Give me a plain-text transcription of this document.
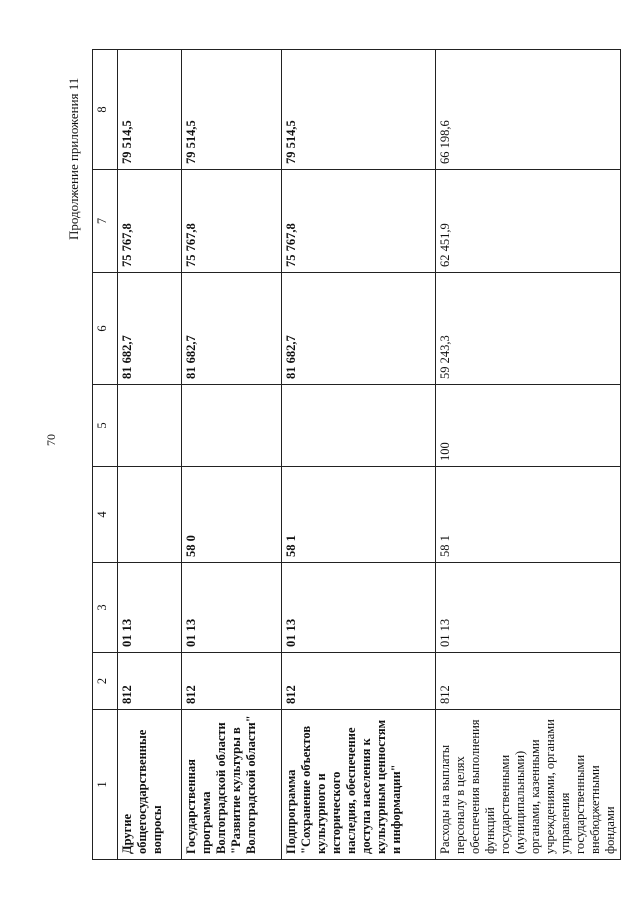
70
Продолжение приложения 11
1	2	3	4	5	6	7	8
Другие общегосударственные вопросы	812	01 13			81 682,7	75 767,8	79 514,5
Государственная программа Волгоградской области "Развитие культуры в Волгоградской области"	812	01 13	58 0		81 682,7	75 767,8	79 514,5
Подпрограмма "Сохранение объектов культурного и исторического наследия, обеспечение доступа населения к культурным ценностям и информации"	812	01 13	58 1		81 682,7	75 767,8	79 514,5
Расходы на выплаты персоналу в целях обеспечения выполнения функций государственными (муниципальными) органами, казенными учреждениями, органами управления государственными внебюджетными фондами	812	01 13	58 1	100	59 243,3	62 451,9	66 198,6
